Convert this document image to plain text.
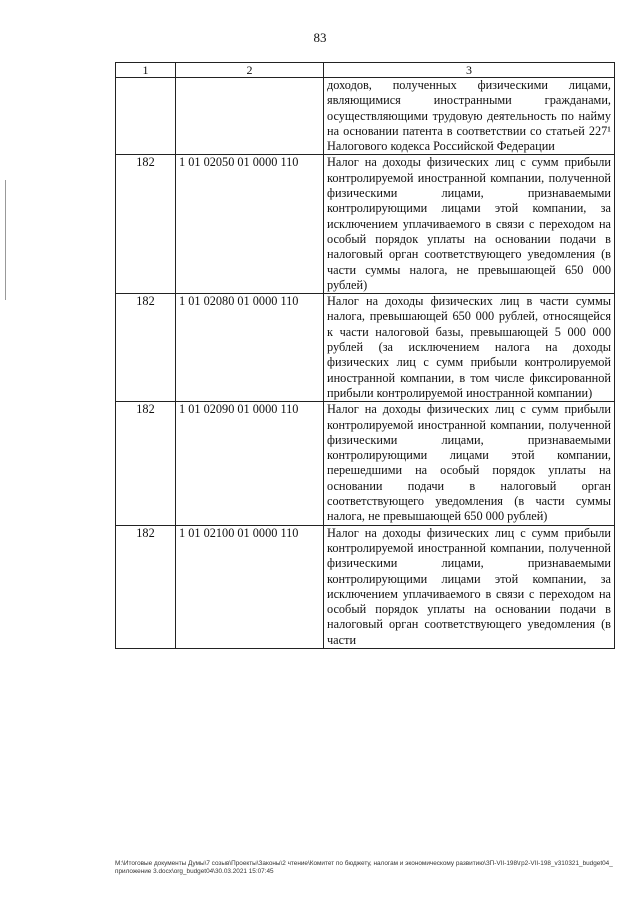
83
1	2	3
		доходов, полученных физическими лицами, являющимися иностранными гражданами, осуществляющими трудовую деятельность по найму на основании патента в соответствии со статьей 227¹ Налогового кодекса Российской Федерации
182	1 01 02050 01 0000 110	Налог на доходы физических лиц с сумм прибыли контролируемой иностранной компании, полученной физическими лицами, признаваемыми контролирующими лицами этой компании, за исключением уплачиваемого в связи с переходом на особый порядок уплаты на основании подачи в налоговый орган соответствующего уведомления (в части суммы налога, не превышающей 650 000 рублей)
182	1 01 02080 01 0000 110	Налог на доходы физических лиц в части суммы налога, превышающей 650 000 рублей, относящейся к части налоговой базы, превышающей 5 000 000 рублей (за исключением налога на доходы физических лиц с сумм прибыли контролируемой иностранной компании, в том числе фиксированной прибыли контролируемой иностранной компании)
182	1 01 02090 01 0000 110	Налог на доходы физических лиц с сумм прибыли контролируемой иностранной компании, полученной физическими лицами, признаваемыми контролирующими лицами этой компании, перешедшими на особый порядок уплаты на основании подачи в налоговый орган соответствующего уведомления (в части суммы налога, не превышающей 650 000 рублей)
182	1 01 02100 01 0000 110	Налог на доходы физических лиц с сумм прибыли контролируемой иностранной компании, полученной физическими лицами, признаваемыми контролирующими лицами этой компании, за исключением уплачиваемого в связи с переходом на особый порядок уплаты на основании подачи в налоговый орган соответствующего уведомления (в части
M:\Итоговые документы Думы\7 созыв\Проекты\Законы\2 чтение\Комитет по бюджету, налогам и экономическому развитию\ЗП-VII-198\гр2-VII-198_v310321_budget04_приложение 3.docx\org_budget04\30.03.2021 15:07:45
